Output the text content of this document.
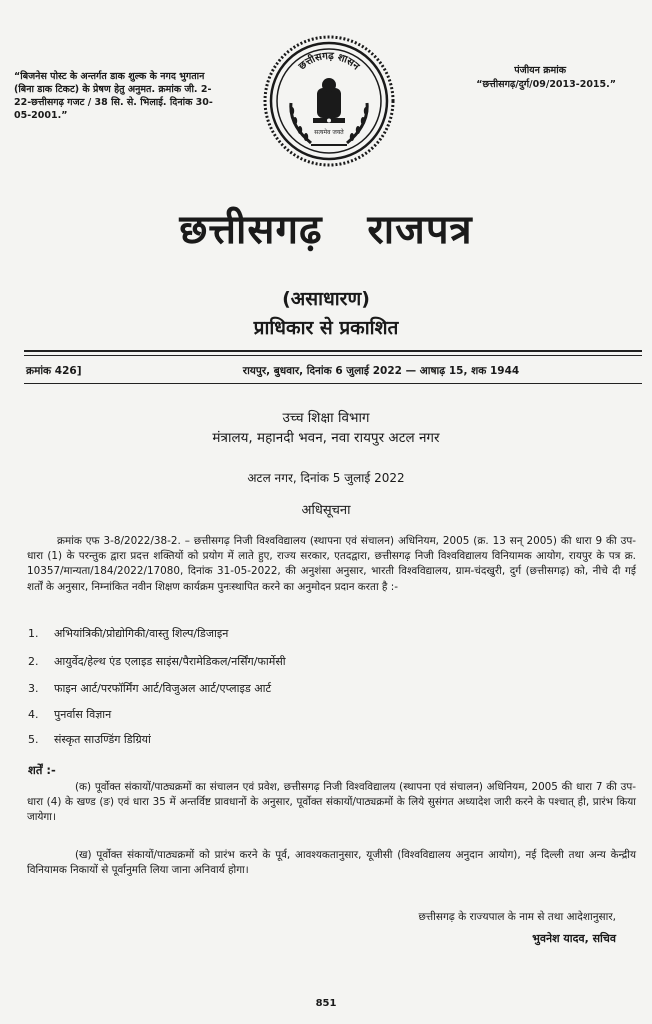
“बिजनेस पोस्ट के अन्तर्गत डाक शुल्क के नगद भुगतान (बिना डाक टिकट) के प्रेषण हेतु अनुमत. क्रमांक जी. 2-22-छत्तीसगढ़ गजट / 38 सि. से. भिलाई. दिनांक 30-05-2001.”
पंजीयन क्रमांक
“छत्तीसगढ़/दुर्ग/09/2013-2015.”
छत्तीसगढ़ शासन
सत्यमेव जयते
छत्तीसगढ़ राजपत्र
(असाधारण)
प्राधिकार से प्रकाशित
क्रमांक 426]	रायपुर, बुधवार, दिनांक 6 जुलाई 2022 — आषाढ़ 15, शक 1944
उच्च शिक्षा विभाग
मंत्रालय, महानदी भवन, नवा रायपुर अटल नगर
अटल नगर, दिनांक 5 जुलाई 2022
अधिसूचना
क्रमांक एफ 3-8/2022/38-2. – छत्तीसगढ़ निजी विश्वविद्यालय (स्थापना एवं संचालन) अधिनियम, 2005 (क्र. 13 सन् 2005) की धारा 9 की उप-धारा (1) के परन्तुक द्वारा प्रदत्त शक्तियों को प्रयोग में लाते हुए, राज्य सरकार, एतदद्वारा, छत्तीसगढ़ निजी विश्वविद्यालय विनियामक आयोग, रायपुर के पत्र क्र. 10357/मान्यता/184/2022/17080, दिनांक 31-05-2022, की अनुशंसा अनुसार, भारती विश्वविद्यालय, ग्राम-चंदखुरी, दुर्ग (छत्तीसगढ़) को, नीचे दी गई शर्तों के अनुसार, निम्नांकित नवीन शिक्षण कार्यक्रम पुनःस्थापित करने का अनुमोदन प्रदान करता है :-
1. अभियांत्रिकी/प्रोद्योगिकी/वास्तु शिल्प/डिजाइन
2. आयुर्वेद/हेल्थ एंड एलाइड साइंस/पैरामेडिकल/नर्सिंग/फार्मेसी
3. फाइन आर्ट/परफॉर्मिंग आर्ट/विजुअल आर्ट/एप्लाइड आर्ट
4. पुनर्वास विज्ञान
5. संस्कृत साउण्डिंग डिग्रियां
शर्तें :-
(क) पूर्वोक्त संकायों/पाठ्यक्रमों का संचालन एवं प्रवेश, छत्तीसगढ़ निजी विश्वविद्यालय (स्थापना एवं संचालन) अधिनियम, 2005 की धारा 7 की उप-धारा (4) के खण्ड (ङ) एवं धारा 35 में अन्तर्विष्ट प्रावधानों के अनुसार, पूर्वोक्त संकायों/पाठ्यक्रमों के लिये सुसंगत अध्यादेश जारी करने के पश्चात् ही, प्रारंभ किया जायेगा।
(ख) पूर्वोक्त संकायों/पाठ्यक्रमों को प्रारंभ करने के पूर्व, आवश्यकतानुसार, यूजीसी (विश्वविद्यालय अनुदान आयोग), नई दिल्ली तथा अन्य केन्द्रीय विनियामक निकायों से पूर्वानुमति लिया जाना अनिवार्य होगा।
छत्तीसगढ़ के राज्यपाल के नाम से तथा आदेशानुसार,
भुवनेश यादव, सचिव
851
